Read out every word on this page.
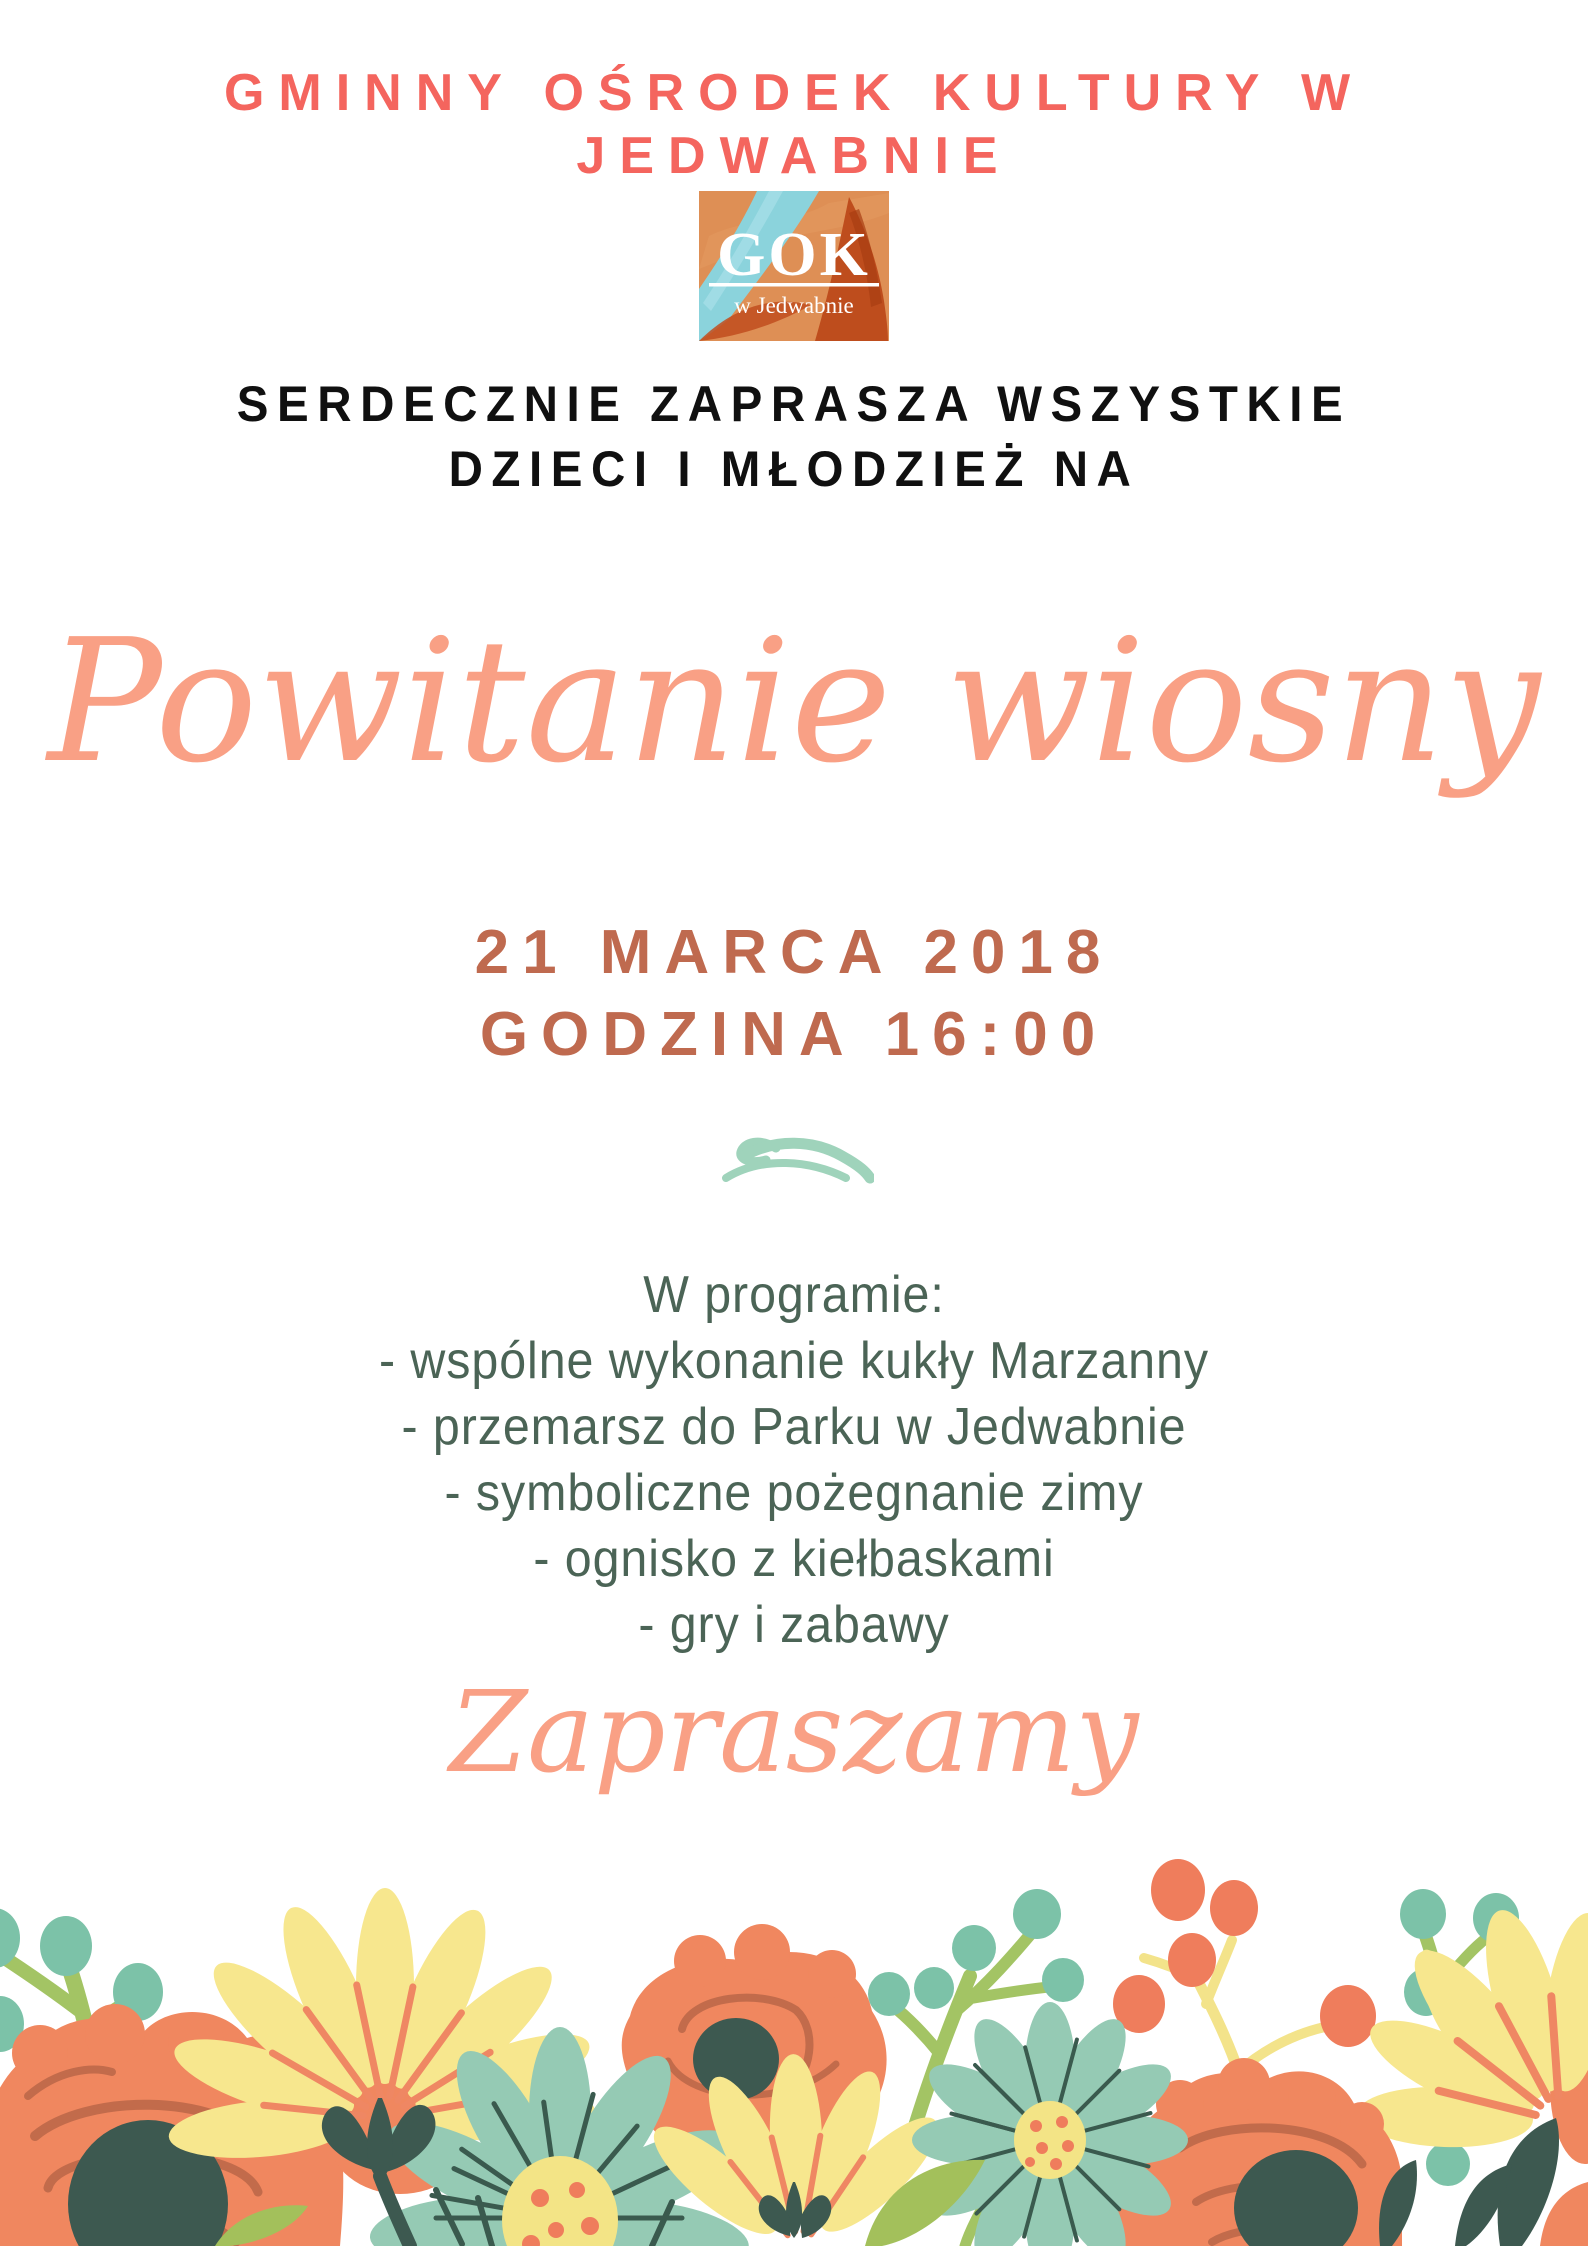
GMINNY OŚRODEK KULTURY W
JEDWABNIE
GOK
w Jedwabnie
SERDECZNIE ZAPRASZA WSZYSTKIE
DZIECI I MŁODZIEŻ NA
Powitanie wiosny
21 MARCA 2018
GODZINA 16:00
W programie:
- wspólne wykonanie kukły Marzanny
- przemarsz do Parku w Jedwabnie
- symboliczne pożegnanie zimy
- ognisko z kiełbaskami
- gry i zabawy
Zapraszamy
